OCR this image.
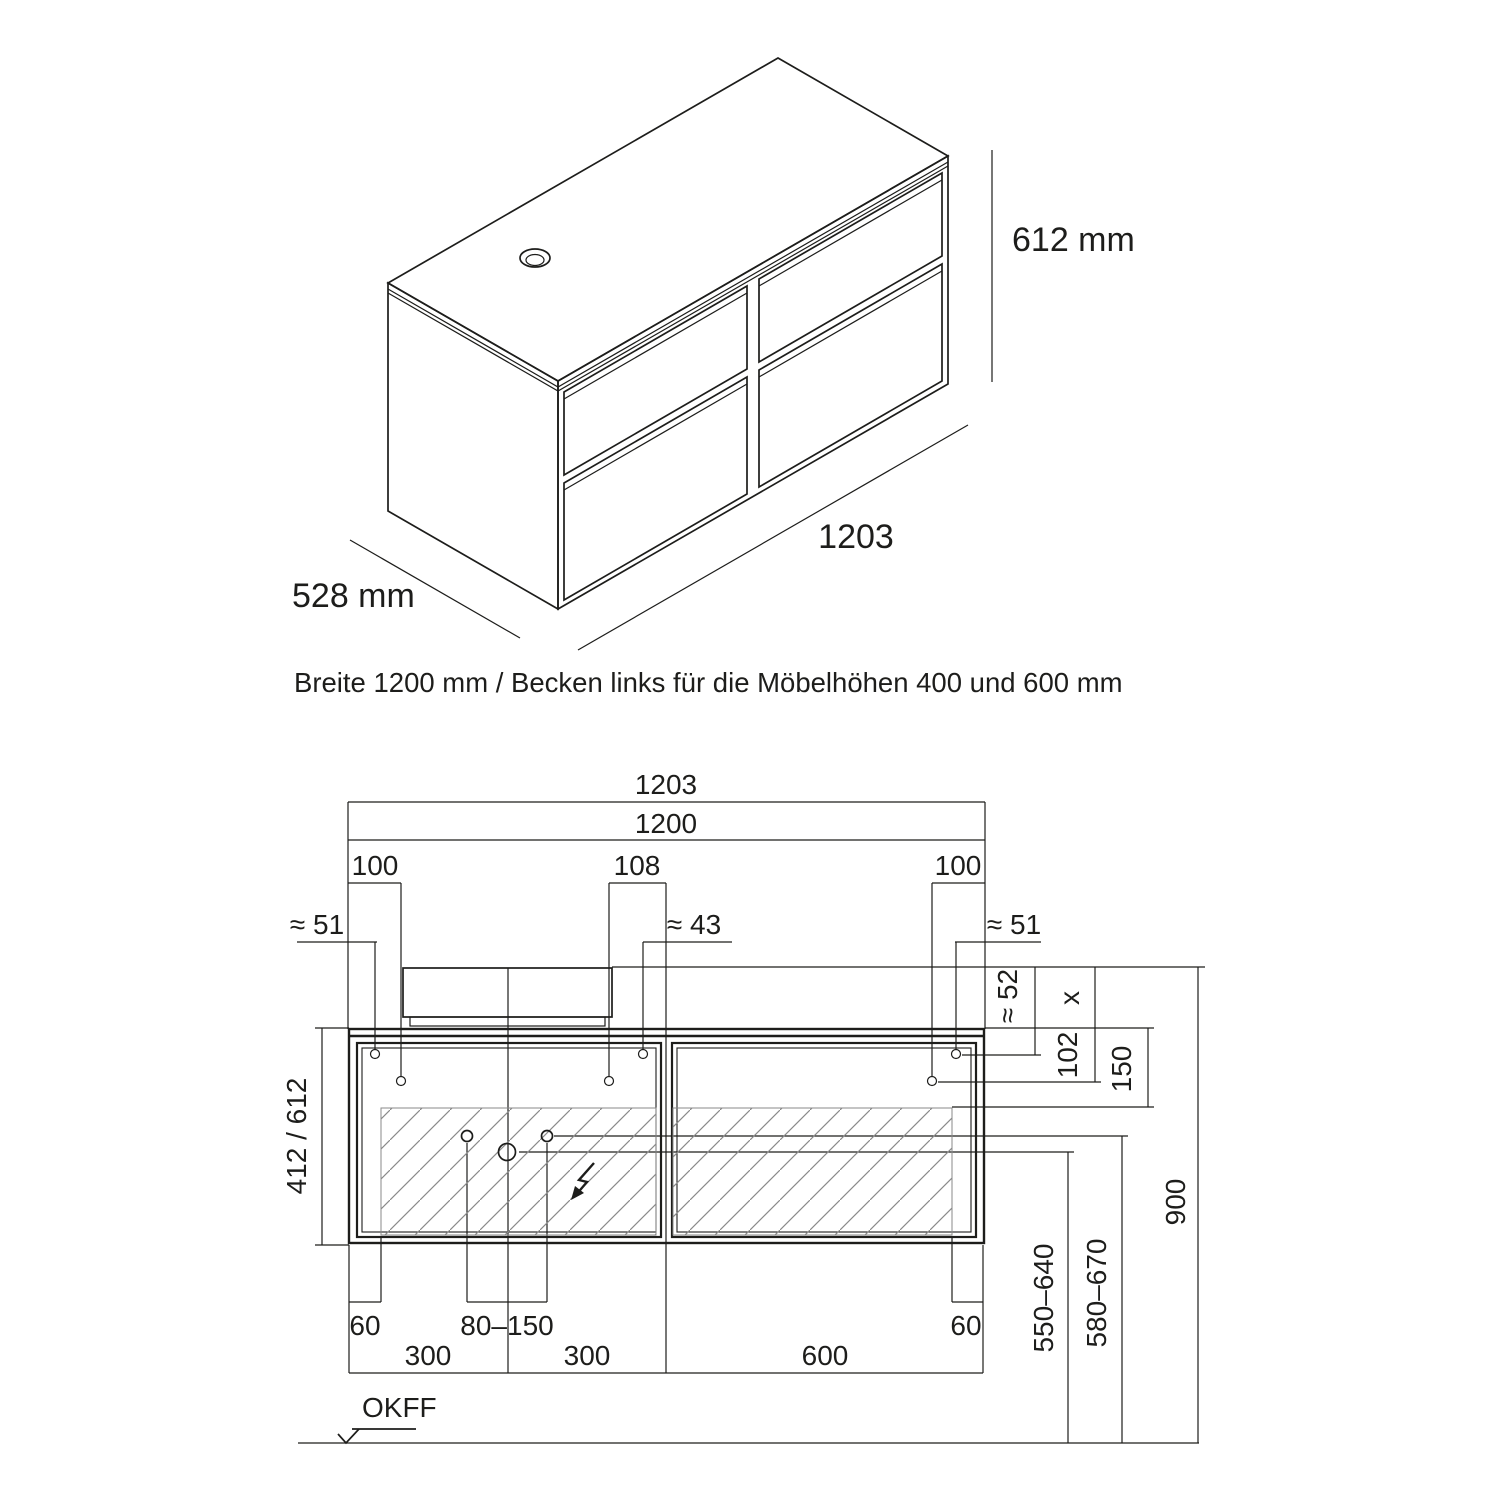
612 mm
1203
528 mm
Breite 1200 mm / Becken links für die Möbelhöhen 400 und 600 mm
1203
1200
100	108	100
≈ 51	≈ 43	≈ 51
≈ 52 x
102 150
412 / 612
900
550–640 580–670
60	80–150	60
300	300	600
OKFF
